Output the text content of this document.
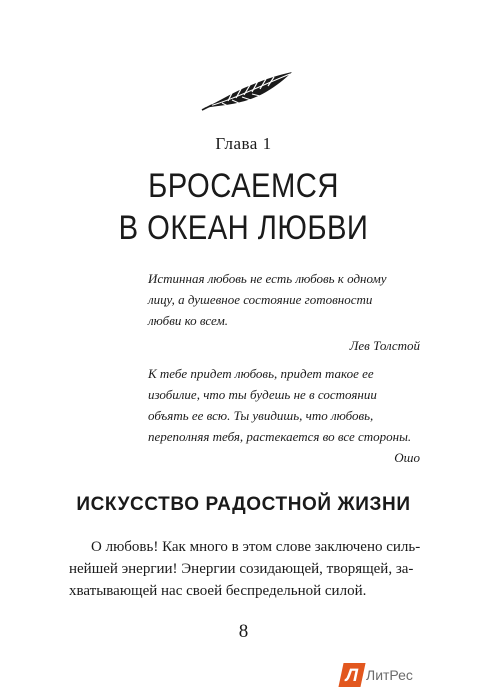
Глава 1
БРОСАЕМСЯ
В ОКЕАН ЛЮБВИ

Истинная любовь не есть любовь к одному
лицу, а душевное состояние готовности
любви ко всем.

Лев Толстой

К тебе придет любовь, придет такое ее
изобилие, что ты будешь не в состоянии
объять ее всю. Ты увидишь, что любовь,
переполняя тебя, растекается во все стороны.

Ошо

ИСКУССТВО РАДОСТНОЙ ЖИЗНИ

О любовь! Как много в этом слове заключено силь-
нейшей энергии! Энергии созидающей, творящей, за-
хватывающей нас своей беспредельной силой.

8
Л ЛитРес
